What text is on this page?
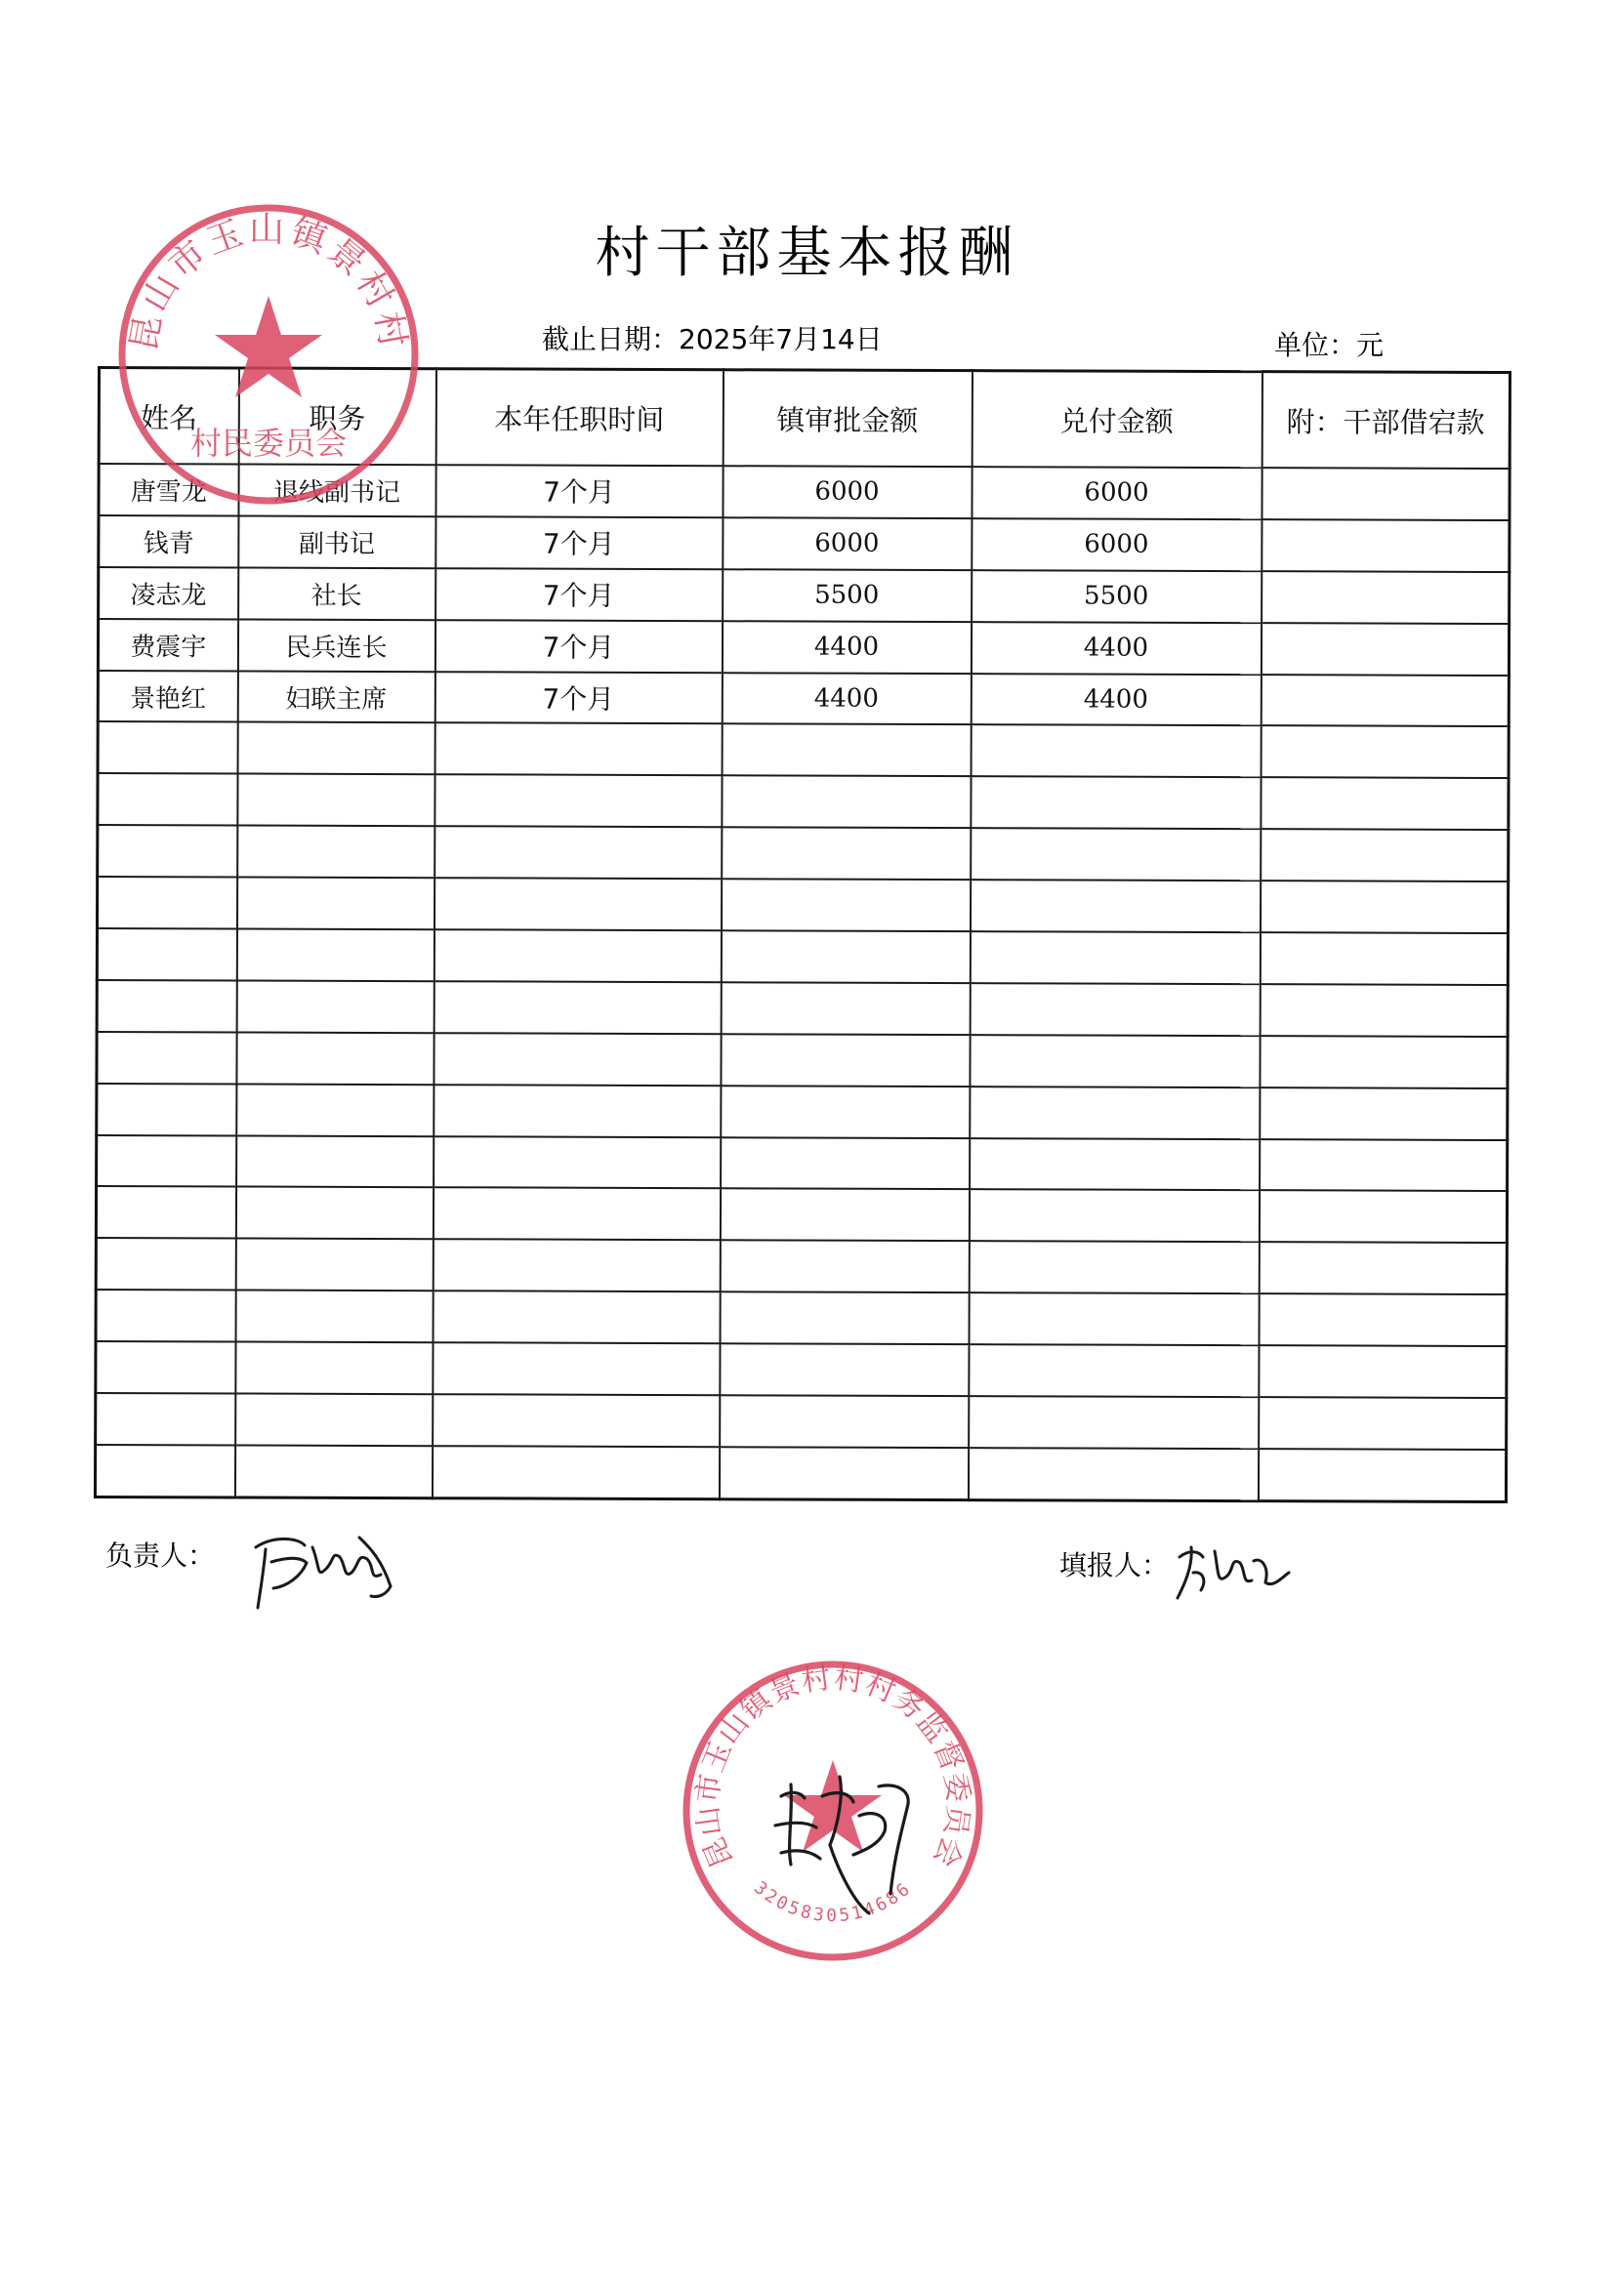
村干部基本报酬
截止日期：2025年7月14日	单位：元
姓名	职务	本年任职时间	镇审批金额	兑付金额	附：干部借宕款
唐雪龙	退线副书记	7个月	6000	6000	
钱青	副书记	7个月	6000	6000	
凌志龙	社长	7个月	5500	5500	
费震宇	民兵连长	7个月	4400	4400	
景艳红	妇联主席	7个月	4400	4400	

负责人：	填报人：
昆山市玉山镇景村村
村民委员会
昆山市玉山镇景村村村务监督委员会
3205830514686
